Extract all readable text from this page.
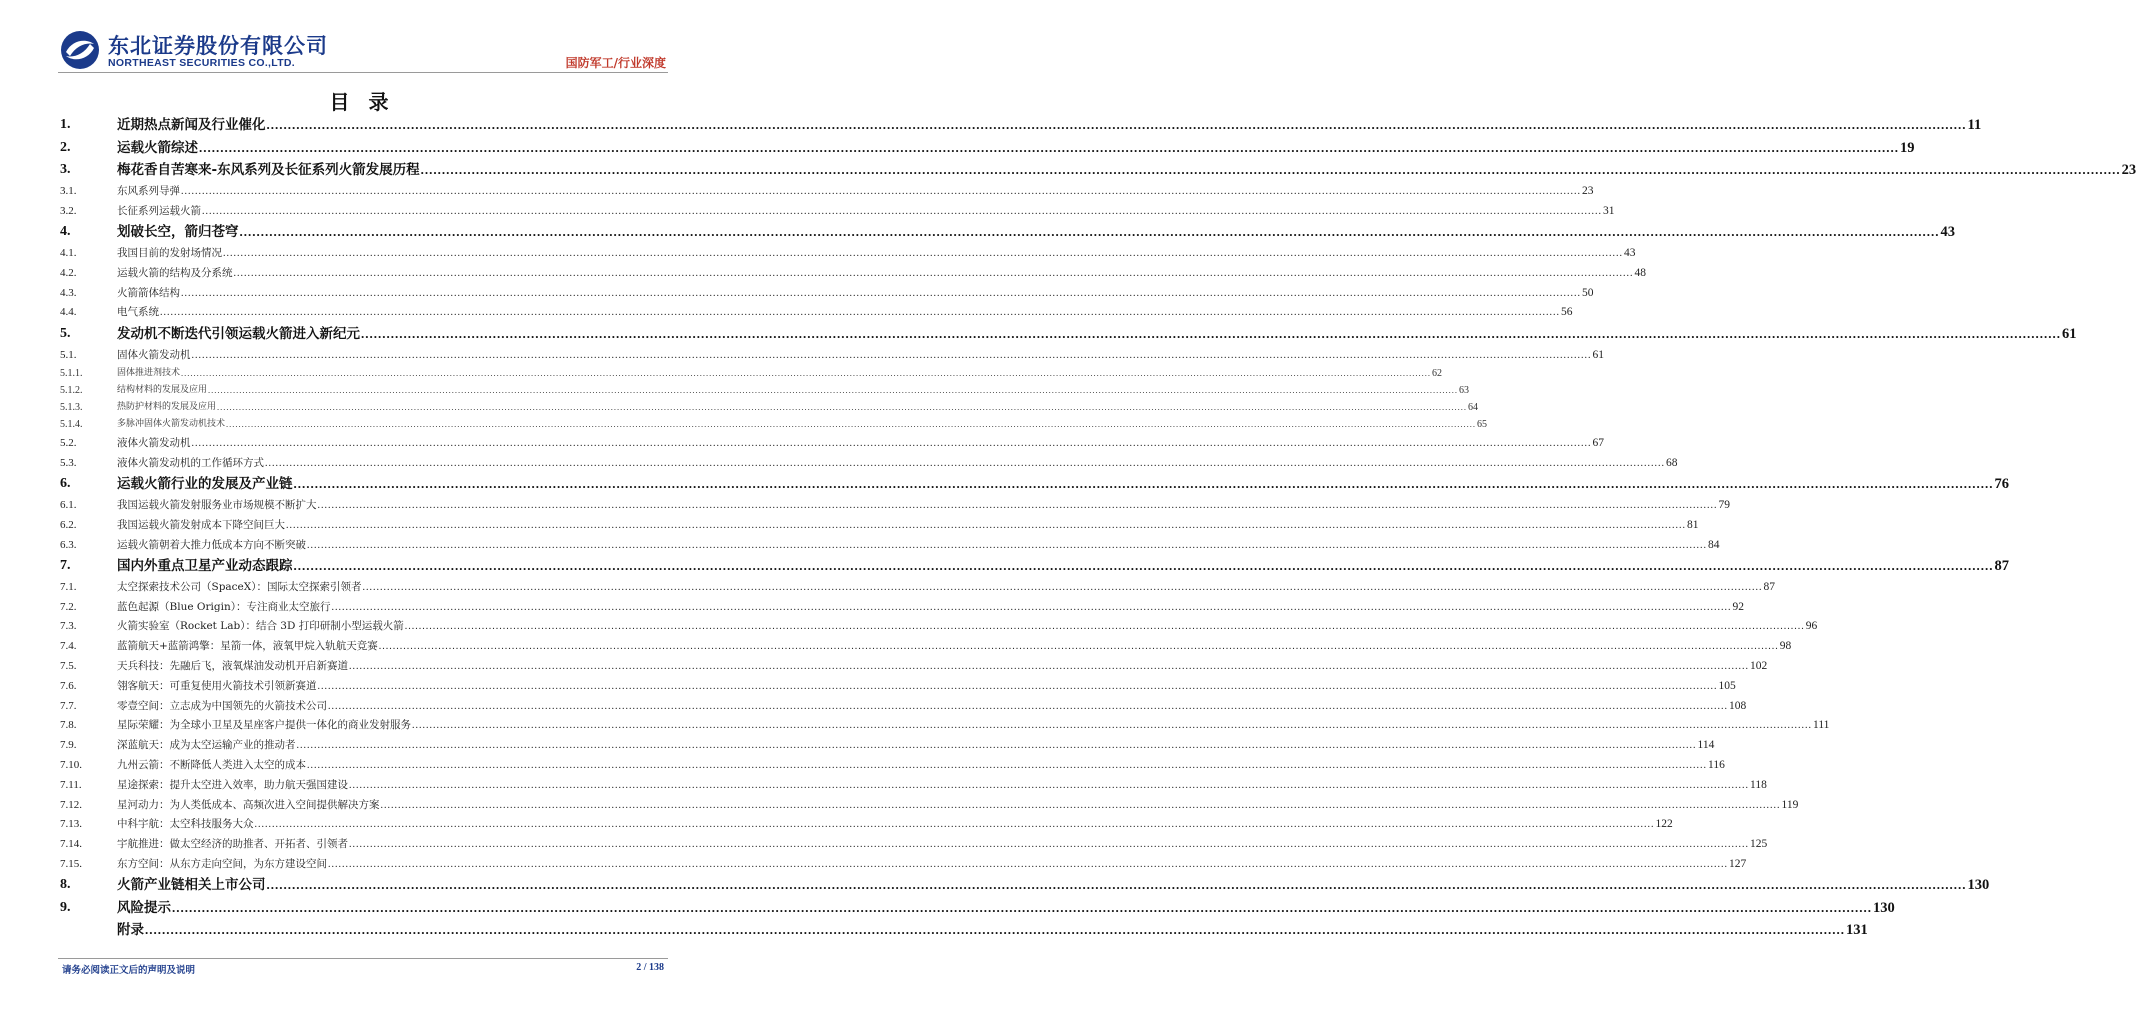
东北证券股份有限公司
NORTHEAST SECURITIES CO.,LTD.	国防军工/行业深度
目 录
1.	近期热点新闻及行业催化 ................................................................................................................................................................................................................................................................................................................................................................................................................ 11
2.	运载火箭综述 ................................................................................................................................................................................................................................................................................................................................................................................................................ 19
3.	梅花香自苦寒来-东风系列及长征系列火箭发展历程 ................................................................................................................................................................................................................................................................................................................................................................................................................ 23
3.1.	东风系列导弹 ................................................................................................................................................................................................................................................................................................................................................................................................................ 23
3.2.	长征系列运载火箭 ................................................................................................................................................................................................................................................................................................................................................................................................................ 31
4.	划破长空，箭归苍穹 ................................................................................................................................................................................................................................................................................................................................................................................................................ 43
4.1.	我国目前的发射场情况 ................................................................................................................................................................................................................................................................................................................................................................................................................ 43
4.2.	运载火箭的结构及分系统 ................................................................................................................................................................................................................................................................................................................................................................................................................ 48
4.3.	火箭箭体结构 ................................................................................................................................................................................................................................................................................................................................................................................................................ 50
4.4.	电气系统 ................................................................................................................................................................................................................................................................................................................................................................................................................ 56
5.	发动机不断迭代引领运载火箭进入新纪元 ................................................................................................................................................................................................................................................................................................................................................................................................................ 61
5.1.	固体火箭发动机 ................................................................................................................................................................................................................................................................................................................................................................................................................ 61
5.1.1.	固体推进剂技术 ................................................................................................................................................................................................................................................................................................................................................................................................................ 62
5.1.2.	结构材料的发展及应用 ................................................................................................................................................................................................................................................................................................................................................................................................................ 63
5.1.3.	热防护材料的发展及应用 ................................................................................................................................................................................................................................................................................................................................................................................................................ 64
5.1.4.	多脉冲固体火箭发动机技术 ................................................................................................................................................................................................................................................................................................................................................................................................................ 65
5.2.	液体火箭发动机 ................................................................................................................................................................................................................................................................................................................................................................................................................ 67
5.3.	液体火箭发动机的工作循环方式 ................................................................................................................................................................................................................................................................................................................................................................................................................ 68
6.	运载火箭行业的发展及产业链 ................................................................................................................................................................................................................................................................................................................................................................................................................ 76
6.1.	我国运载火箭发射服务业市场规模不断扩大 ................................................................................................................................................................................................................................................................................................................................................................................................................ 79
6.2.	我国运载火箭发射成本下降空间巨大 ................................................................................................................................................................................................................................................................................................................................................................................................................ 81
6.3.	运载火箭朝着大推力低成本方向不断突破 ................................................................................................................................................................................................................................................................................................................................................................................................................ 84
7.	国内外重点卫星产业动态跟踪 ................................................................................................................................................................................................................................................................................................................................................................................................................ 87
7.1.	太空探索技术公司（SpaceX）：国际太空探索引领者 ................................................................................................................................................................................................................................................................................................................................................................................................................ 87
7.2.	蓝色起源（Blue Origin）：专注商业太空旅行 ................................................................................................................................................................................................................................................................................................................................................................................................................ 92
7.3.	火箭实验室（Rocket Lab）：结合 3D 打印研制小型运载火箭 ................................................................................................................................................................................................................................................................................................................................................................................................................ 96
7.4.	蓝箭航天+蓝箭鸿擎：星箭一体，液氧甲烷入轨航天竞赛 ................................................................................................................................................................................................................................................................................................................................................................................................................ 98
7.5.	天兵科技：先融后飞，液氧煤油发动机开启新赛道 ................................................................................................................................................................................................................................................................................................................................................................................................................ 102
7.6.	翎客航天：可重复使用火箭技术引领新赛道 ................................................................................................................................................................................................................................................................................................................................................................................................................ 105
7.7.	零壹空间：立志成为中国领先的火箭技术公司 ................................................................................................................................................................................................................................................................................................................................................................................................................ 108
7.8.	星际荣耀：为全球小卫星及星座客户提供一体化的商业发射服务 ................................................................................................................................................................................................................................................................................................................................................................................................................ 111
7.9.	深蓝航天：成为太空运输产业的推动者 ................................................................................................................................................................................................................................................................................................................................................................................................................ 114
7.10.	九州云箭：不断降低人类进入太空的成本 ................................................................................................................................................................................................................................................................................................................................................................................................................ 116
7.11.	星途探索：提升太空进入效率，助力航天强国建设 ................................................................................................................................................................................................................................................................................................................................................................................................................ 118
7.12.	星河动力：为人类低成本、高频次进入空间提供解决方案 ................................................................................................................................................................................................................................................................................................................................................................................................................ 119
7.13.	中科宇航：太空科技服务大众 ................................................................................................................................................................................................................................................................................................................................................................................................................ 122
7.14.	宇航推进：做太空经济的助推者、开拓者、引领者 ................................................................................................................................................................................................................................................................................................................................................................................................................ 125
7.15.	东方空间：从东方走向空间，为东方建设空间 ................................................................................................................................................................................................................................................................................................................................................................................................................ 127
8.	火箭产业链相关上市公司 ................................................................................................................................................................................................................................................................................................................................................................................................................ 130
9.	风险提示 ................................................................................................................................................................................................................................................................................................................................................................................................................ 130
附录 ................................................................................................................................................................................................................................................................................................................................................................................................................ 131
请务必阅读正文后的声明及说明	2 / 138
